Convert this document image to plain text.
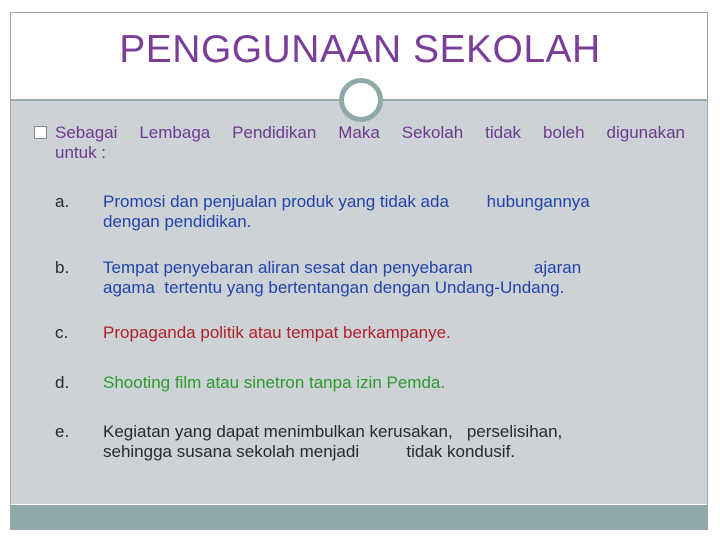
PENGGUNAAN SEKOLAH
Sebagai Lembaga Pendidikan Maka Sekolah tidak boleh digunakan
untuk :
a.	Promosi dan penjualan produk yang tidak ada        hubungannya
dengan pendidikan.
b.	Tempat penyebaran aliran sesat dan penyebaran             ajaran
agama  tertentu yang bertentangan dengan Undang-Undang.
c.	Propaganda politik atau tempat berkampanye.
d.	Shooting film atau sinetron tanpa izin Pemda.
e.	Kegiatan yang dapat menimbulkan kerusakan,   perselisihan,
sehingga susana sekolah menjadi          tidak kondusif.
